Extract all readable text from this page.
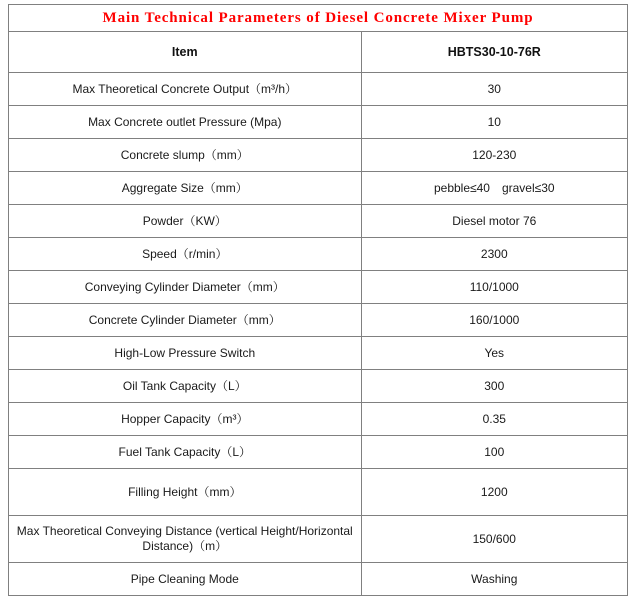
Main Technical Parameters of Diesel Concrete Mixer Pump	
Item	HBTS30-10-76R

Max Theoretical Concrete Output（m³/h）	30

Max Concrete outlet Pressure (Mpa)	10

Concrete slump（mm）	120-230

Aggregate Size（mm）	pebble≤40　gravel≤30

Powder（KW）	Diesel motor 76

Speed（r/min）	2300

Conveying Cylinder Diameter（mm）	110/1000

Concrete Cylinder Diameter（mm）	160/1000

High-Low Pressure Switch	Yes

Oil Tank Capacity（L）	300

Hopper Capacity（m³）	0.35

Fuel Tank Capacity（L）	100

Filling Height（mm）	1200

Max Theoretical Conveying Distance (vertical Height/Horizontal Distance)（m）	150/600

Pipe Cleaning Mode	Washing
